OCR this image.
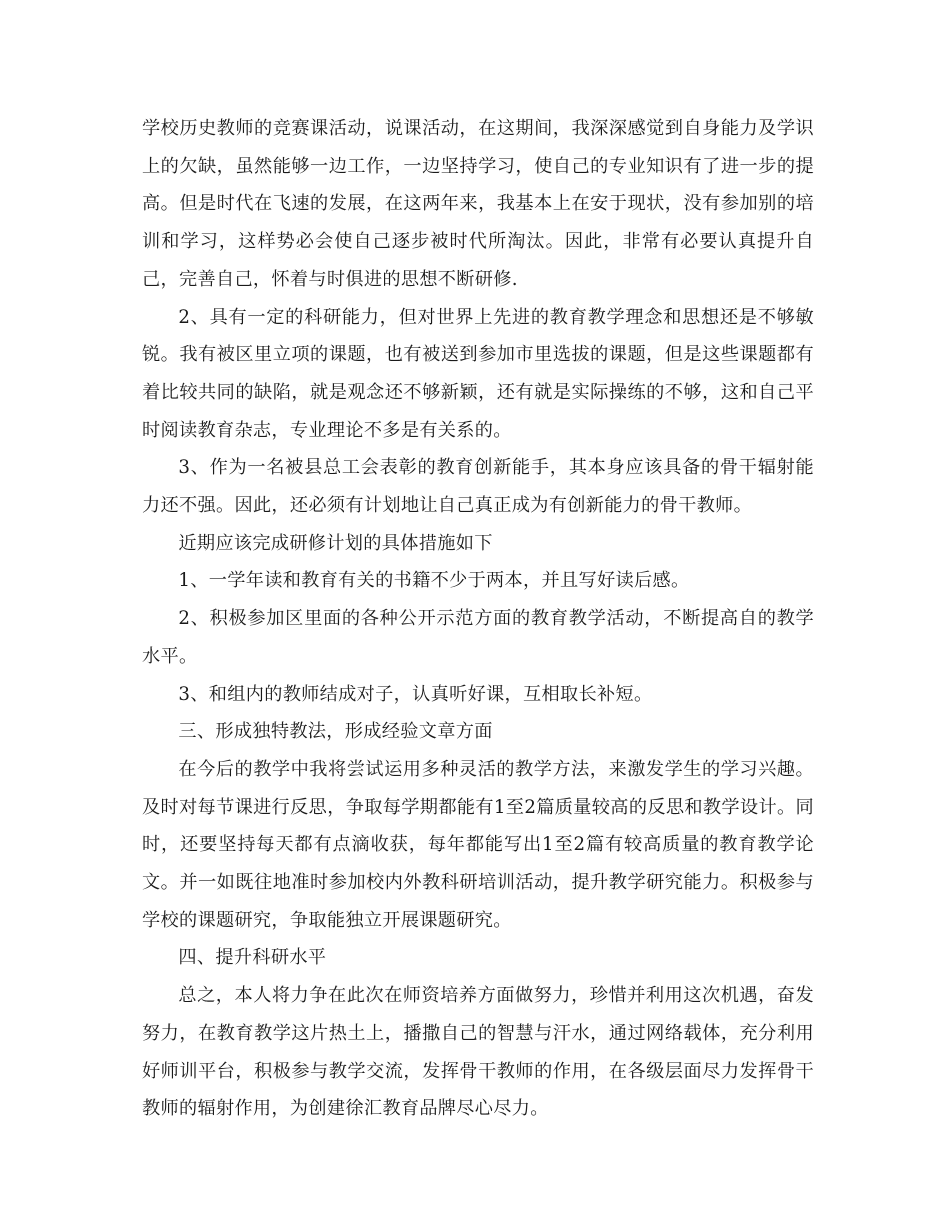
学校历史教师的竞赛课活动，说课活动，在这期间，我深深感觉到自身能力及学识上的欠缺，虽然能够一边工作，一边坚持学习，使自己的专业知识有了进一步的提高。但是时代在飞速的发展，在这两年来，我基本上在安于现状，没有参加别的培训和学习，这样势必会使自己逐步被时代所淘汰。因此，非常有必要认真提升自己，完善自己，怀着与时俱进的思想不断研修.

2、具有一定的科研能力，但对世界上先进的教育教学理念和思想还是不够敏锐。我有被区里立项的课题，也有被送到参加市里选拔的课题，但是这些课题都有着比较共同的缺陷，就是观念还不够新颖，还有就是实际操练的不够，这和自己平时阅读教育杂志，专业理论不多是有关系的。

3、作为一名被县总工会表彰的教育创新能手，其本身应该具备的骨干辐射能力还不强。因此，还必须有计划地让自己真正成为有创新能力的骨干教师。

近期应该完成研修计划的具体措施如下

1、一学年读和教育有关的书籍不少于两本，并且写好读后感。

2、积极参加区里面的各种公开示范方面的教育教学活动，不断提高自的教学水平。

3、和组内的教师结成对子，认真听好课，互相取长补短。

三、形成独特教法，形成经验文章方面

在今后的教学中我将尝试运用多种灵活的教学方法，来激发学生的学习兴趣。及时对每节课进行反思，争取每学期都能有1至2篇质量较高的反思和教学设计。同时，还要坚持每天都有点滴收获，每年都能写出1至2篇有较高质量的教育教学论文。并一如既往地准时参加校内外教科研培训活动，提升教学研究能力。积极参与学校的课题研究，争取能独立开展课题研究。

四、提升科研水平

总之，本人将力争在此次在师资培养方面做努力，珍惜并利用这次机遇，奋发努力，在教育教学这片热土上，播撒自己的智慧与汗水，通过网络载体，充分利用好师训平台，积极参与教学交流，发挥骨干教师的作用，在各级层面尽力发挥骨干教师的辐射作用，为创建徐汇教育品牌尽心尽力。
